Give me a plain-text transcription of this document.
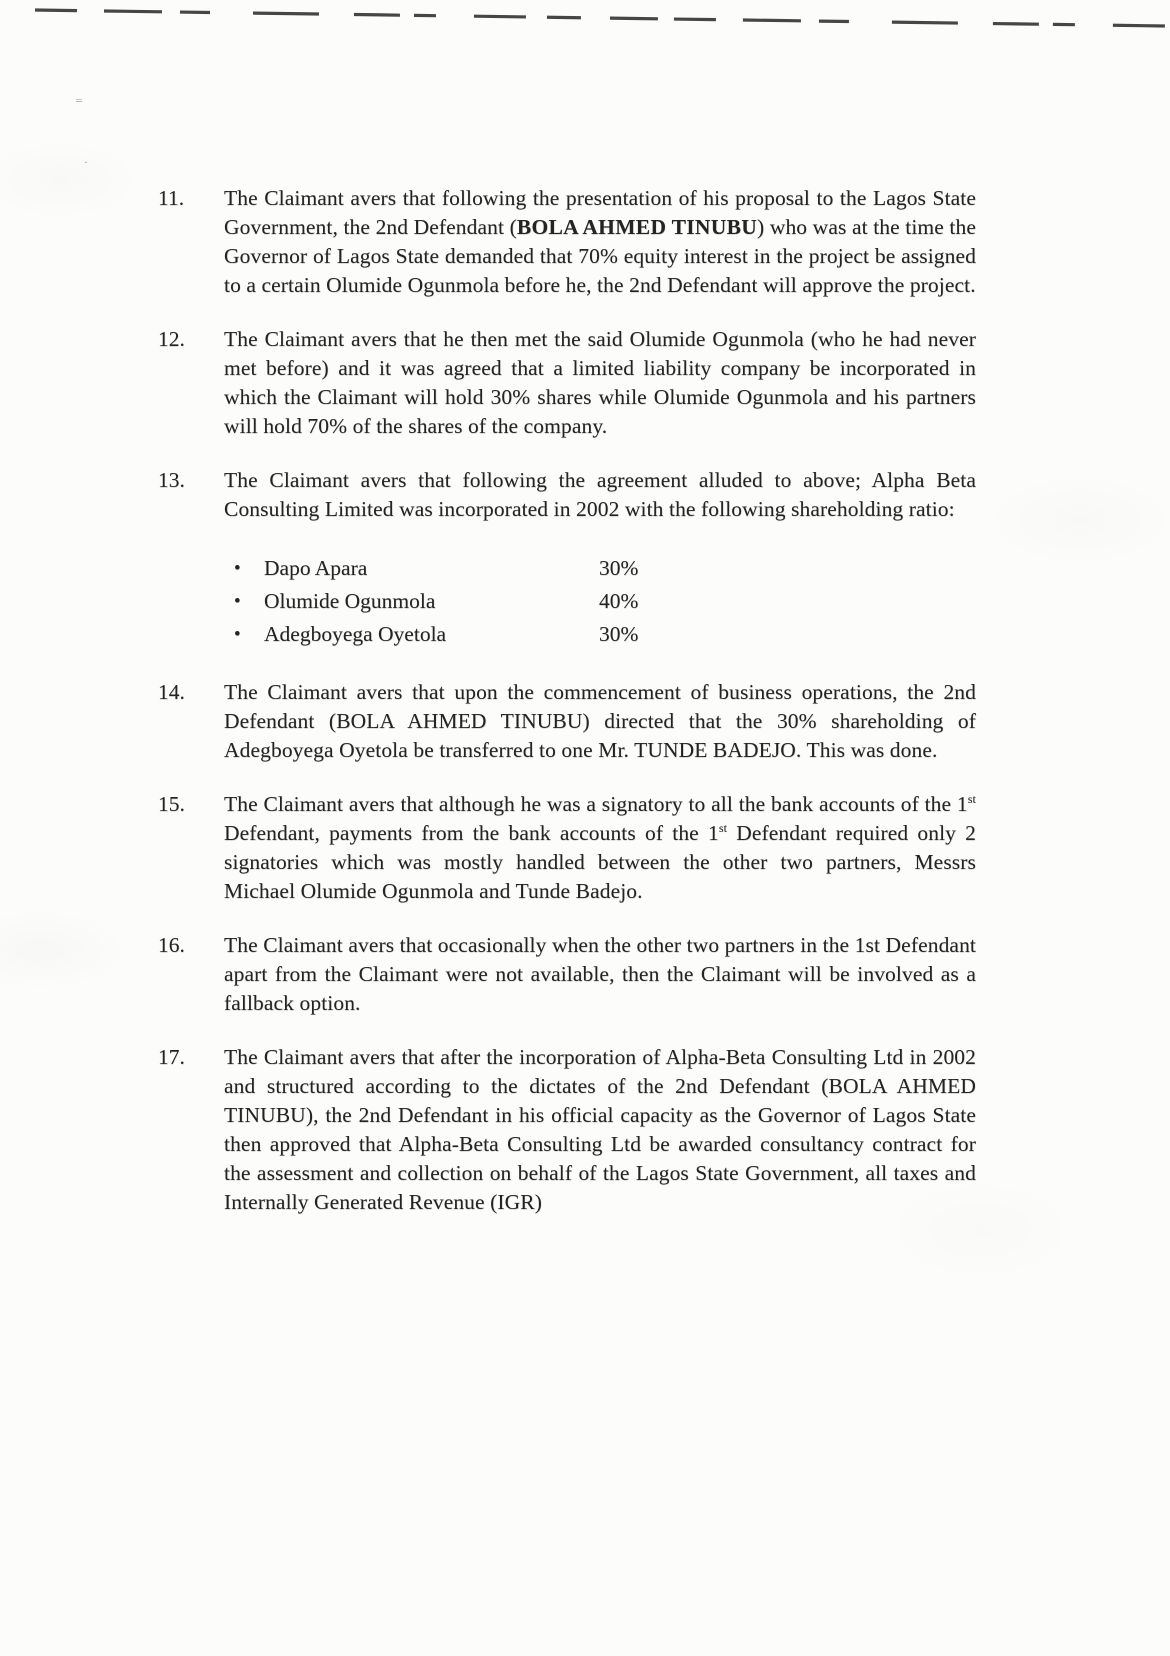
=
·
11.	The Claimant avers that following the presentation of his proposal to the Lagos State Government, the 2nd Defendant (BOLA AHMED TINUBU) who was at the time the Governor of Lagos State demanded that 70% equity interest in the project be assigned to a certain Olumide Ogunmola before he, the 2nd Defendant will approve the project.

12.	The Claimant avers that he then met the said Olumide Ogunmola (who he had never met before) and it was agreed that a limited liability company be incorporated in which the Claimant will hold 30% shares while Olumide Ogunmola and his partners will hold 70% of the shares of the company.

13.	The Claimant avers that following the agreement alluded to above; Alpha Beta Consulting Limited was incorporated in 2002 with the following shareholding ratio:

•	Dapo Apara	30%
•	Olumide Ogunmola	40%
•	Adegboyega Oyetola	30%
14.	The Claimant avers that upon the commencement of business operations, the 2nd Defendant (BOLA AHMED TINUBU) directed that the 30% shareholding of Adegboyega Oyetola be transferred to one Mr. TUNDE BADEJO. This was done.

15.	The Claimant avers that although he was a signatory to all the bank accounts of the 1st Defendant, payments from the bank accounts of the 1st Defendant required only 2 signatories which was mostly handled between the other two partners, Messrs Michael Olumide Ogunmola and Tunde Badejo.

16.	The Claimant avers that occasionally when the other two partners in the 1st Defendant apart from the Claimant were not available, then the Claimant will be involved as a fallback option.

17.	The Claimant avers that after the incorporation of Alpha-Beta Consulting Ltd in 2002 and structured according to the dictates of the 2nd Defendant (BOLA AHMED TINUBU), the 2nd Defendant in his official capacity as the Governor of Lagos State then approved that Alpha-Beta Consulting Ltd be awarded consultancy contract for the assessment and collection on behalf of the Lagos State Government, all taxes and Internally Generated Revenue (IGR)
